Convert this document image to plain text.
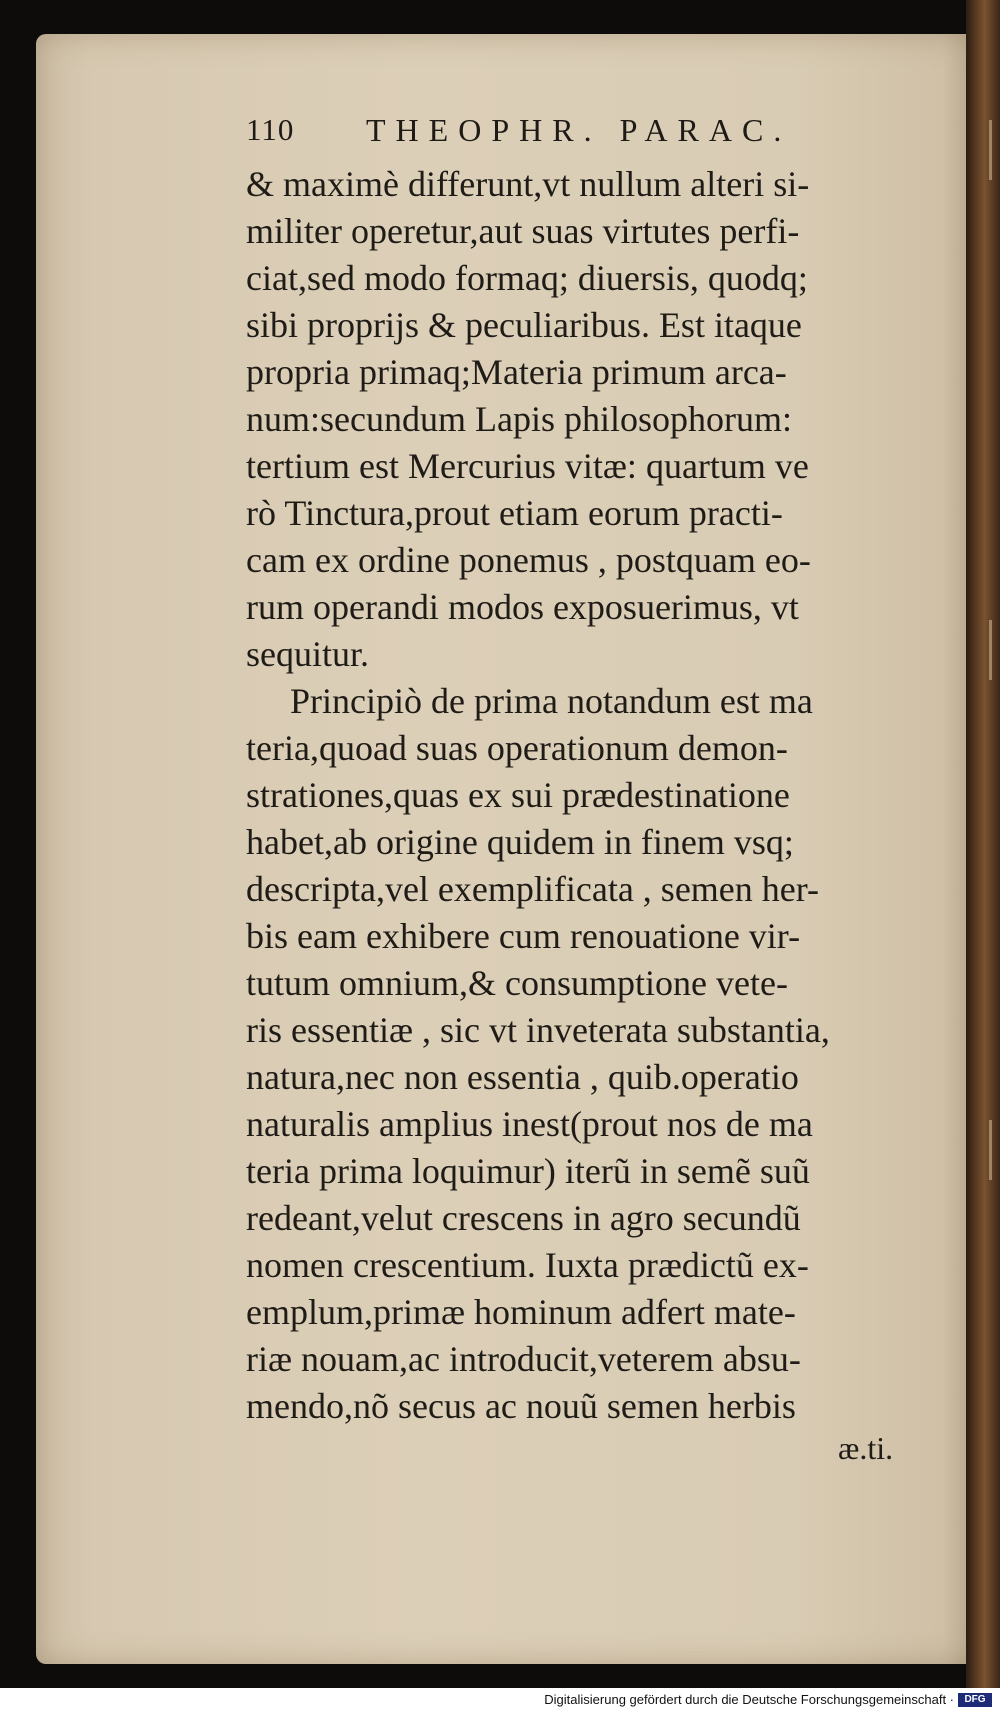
110 THEOPHR. PARAC.
& maximè differunt,vt nullum alteri si-
militer operetur,aut suas virtutes perfi-
ciat,sed modo formaq; diuersis, quodq;
sibi proprijs & peculiaribus. Est itaque
propria primaq;Materia primum arca-
num:secundum Lapis philosophorum:
tertium est Mercurius vitæ: quartum ve
rò Tinctura,prout etiam eorum practi-
cam ex ordine ponemus , postquam eo-
rum operandi modos exposuerimus, vt
sequitur.
Principiò de prima notandum est ma
teria,quoad suas operationum demon-
strationes,quas ex sui prædestinatione
habet,ab origine quidem in finem vsq;
descripta,vel exemplificata , semen her-
bis eam exhibere cum renouatione vir-
tutum omnium,& consumptione vete-
ris essentiæ , sic vt inveterata substantia,
natura,nec non essentia , quib.operatio
naturalis amplius inest(prout nos de ma
teria prima loquimur) iterũ in semẽ suũ
redeant,velut crescens in agro secundũ
nomen crescentium. Iuxta prædictũ ex-
emplum,primæ hominum adfert mate-
riæ nouam,ac introducit,veterem absu-
mendo,nõ secus ac nouũ semen herbis
æ.ti.
Digitalisierung gefördert durch die Deutsche Forschungsgemeinschaft ·	DFG
